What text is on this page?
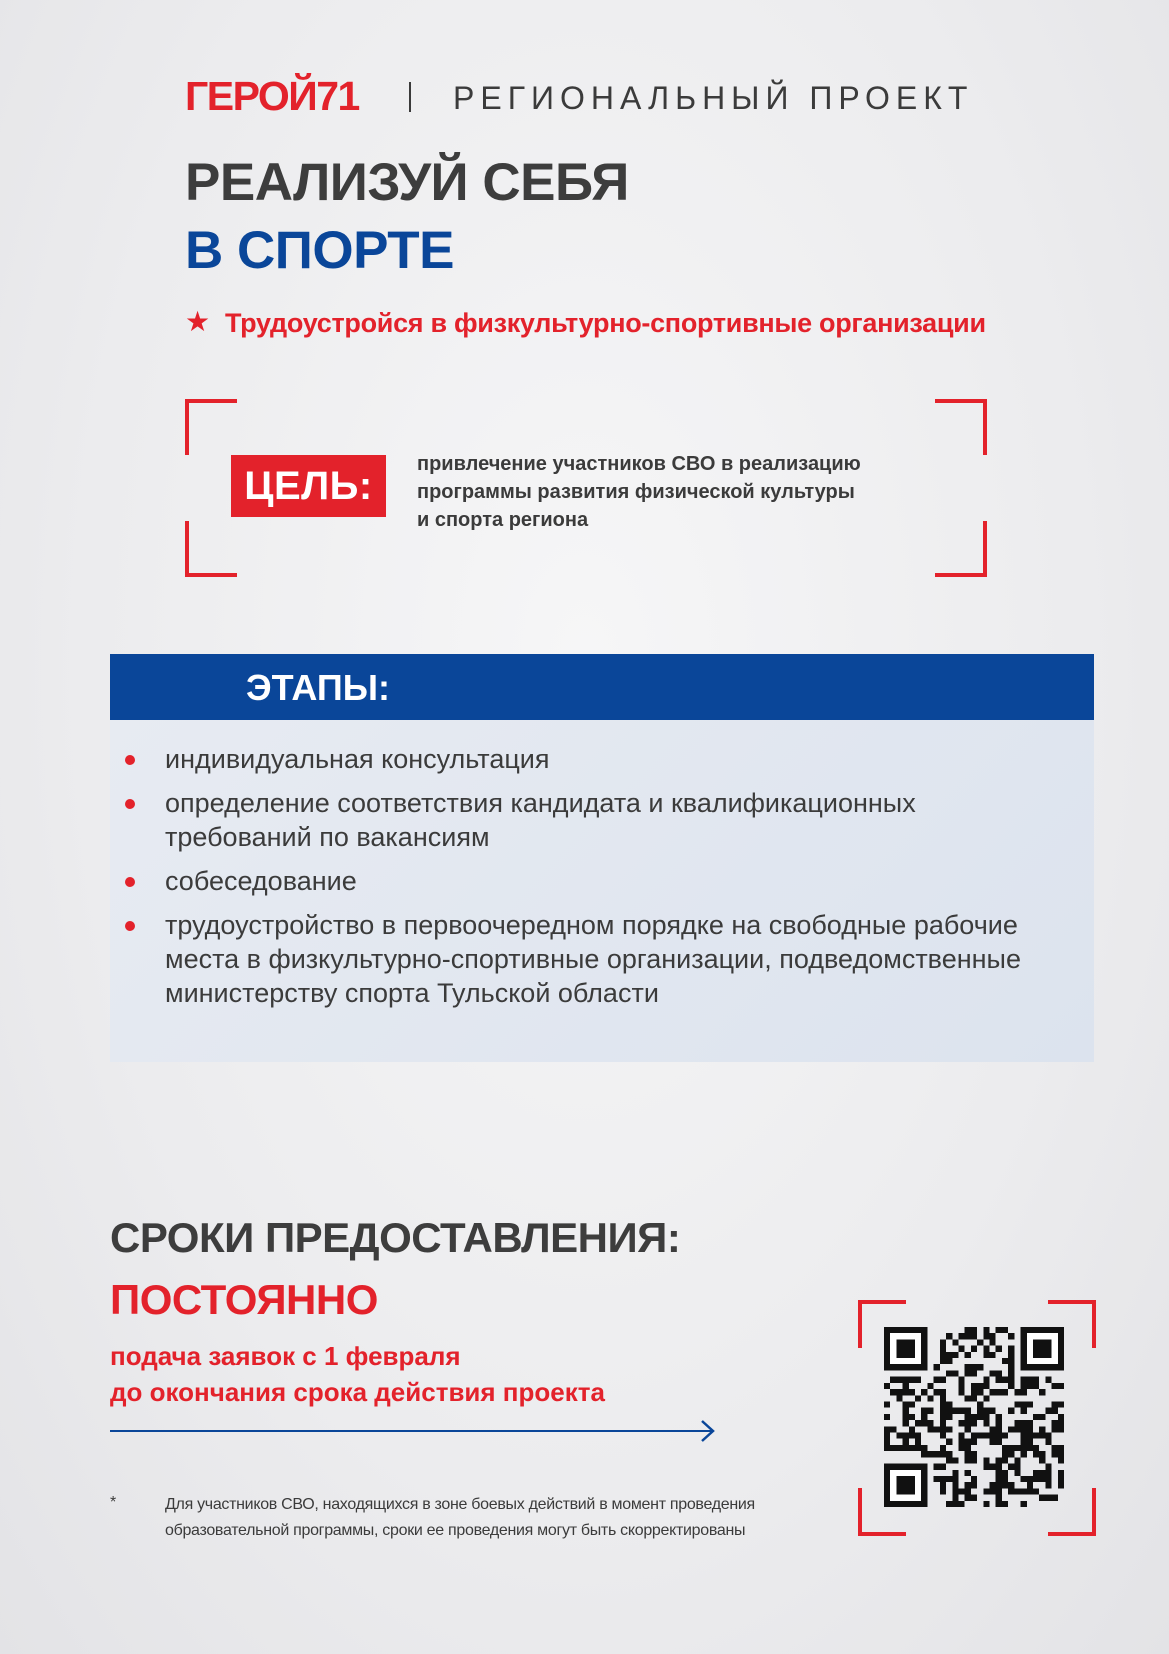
ГЕРОЙ71	РЕГИОНАЛЬНЫЙ ПРОЕКТ
РЕАЛИЗУЙ СЕБЯ
В СПОРТЕ
★ Трудоустройся в физкультурно-спортивные организации
ЦЕЛЬ:	привлечение участников СВО в реализацию
программы развития физической культуры
и спорта региона
ЭТАПЫ:
индивидуальная консультация
определение соответствия кандидата и квалификационных
требований по вакансиям
собеседование
трудоустройство в первоочередном порядке на свободные рабочие
места в физкультурно-спортивные организации, подведомственные
министерству спорта Тульской области
СРОКИ ПРЕДОСТАВЛЕНИЯ:
ПОСТОЯННО
подача заявок с 1 февраля
до окончания срока действия проекта
*	Для участников СВО, находящихся в зоне боевых действий в момент проведения
образовательной программы, сроки ее проведения могут быть скорректированы
